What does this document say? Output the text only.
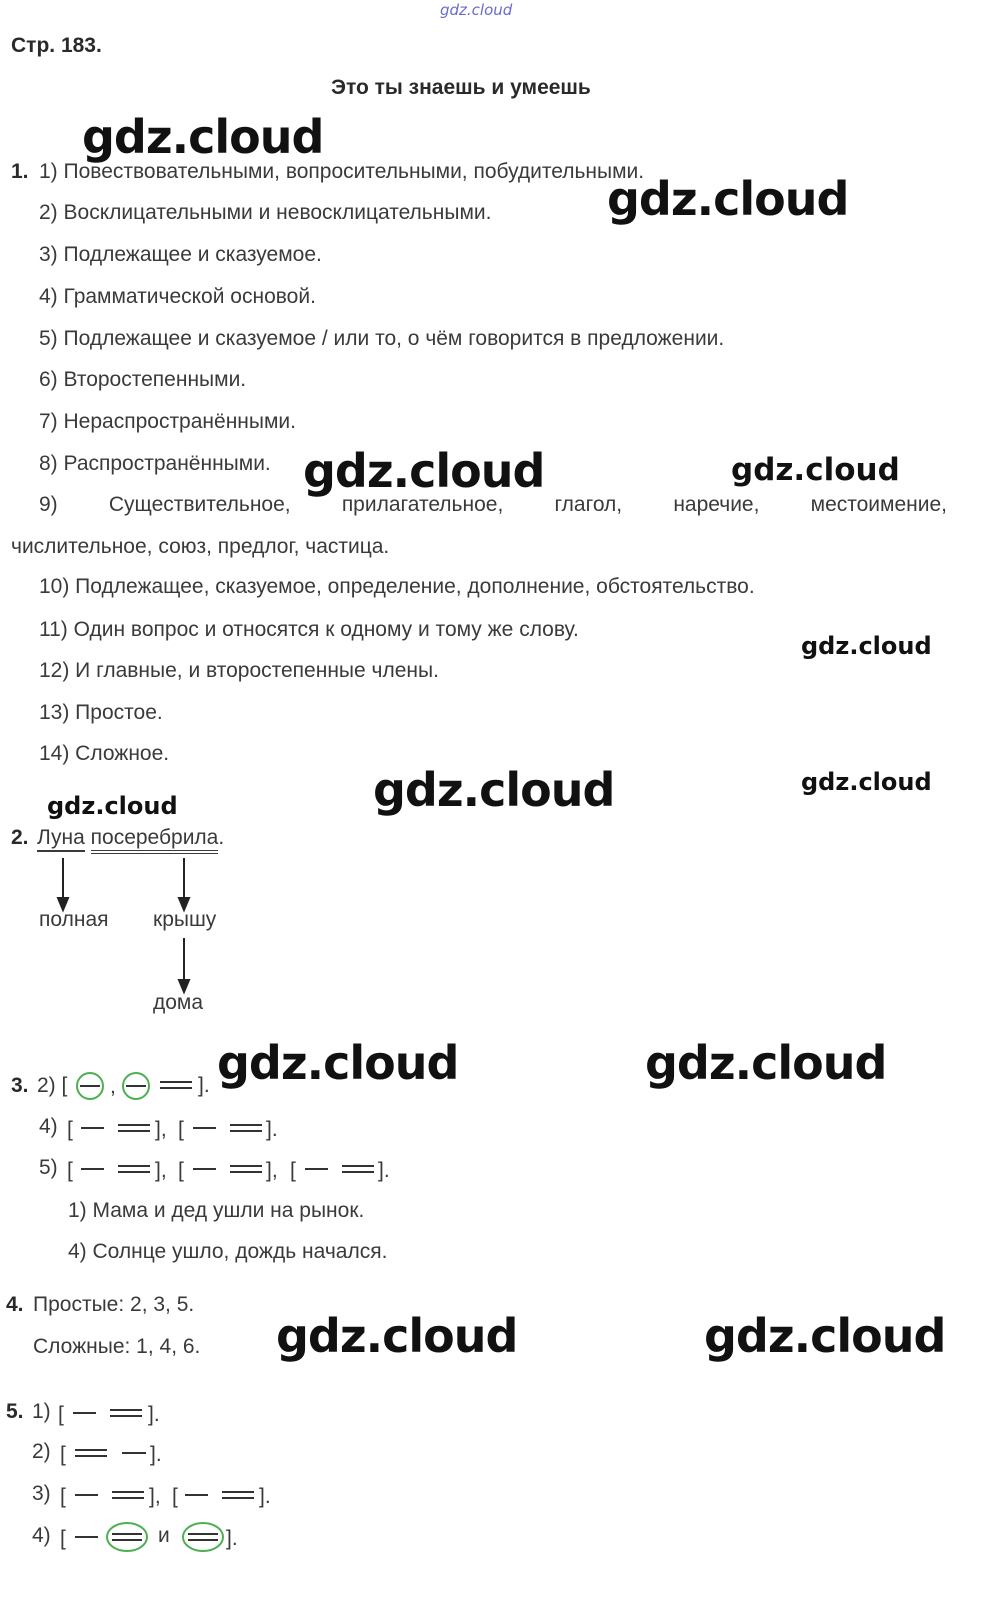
gdz.cloud
Стр. 183.
Это ты знаешь и умеешь
1. 1) Повествовательными, вопросительными, побудительными.
2) Восклицательными и невосклицательными.
3) Подлежащее и сказуемое.
4) Грамматической основой.
5) Подлежащее и сказуемое / или то, о чём говорится в предложении.
6) Второстепенными.
7) Нераспространёнными.
8) Распространёнными.
9) Существительное, прилагательное, глагол, наречие, местоимение,
числительное, союз, предлог, частица.
10) Подлежащее, сказуемое, определение, дополнение, обстоятельство.
11) Один вопрос и относятся к одному и тому же слову.
12) И главные, и второстепенные члены.
13) Простое.
14) Сложное.
2. Луна посеребрила.
полная крышу
дома
3. 2) [	].
4)
5)
1) Мама и дед ушли на рынок.
4) Солнце ушло, дождь начался.
,
[	], [	].
[	], [	], [	].
[	].
[	].
[	], [	].
[	].
4. Простые: 2, 3, 5.
Сложные: 1, 4, 6.
5. 1)
2)
3)
4)	и
gdz.cloud
gdz.cloud
gdz.cloud	gdz.cloud
gdz.cloud
gdz.cloud	gdz.cloud
gdz.cloud
gdz.cloud	gdz.cloud
gdz.cloud	gdz.cloud
